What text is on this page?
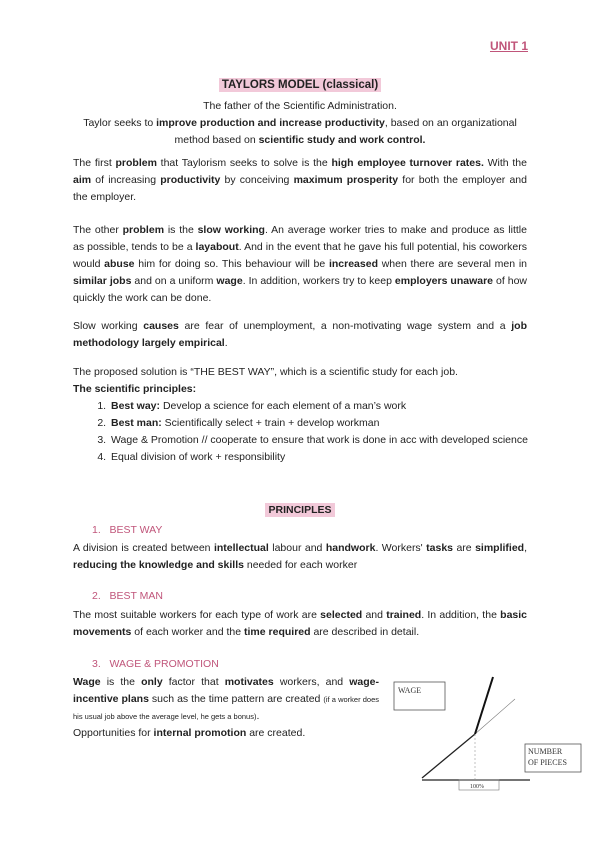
UNIT 1
TAYLORS MODEL (classical)
The father of the Scientific Administration.
Taylor seeks to improve production and increase productivity, based on an organizational method based on scientific study and work control.

The first problem that Taylorism seeks to solve is the high employee turnover rates. With the aim of increasing productivity by conceiving maximum prosperity for both the employer and the employer.

The other problem is the slow working. An average worker tries to make and produce as little as possible, tends to be a layabout. And in the event that he gave his full potential, his coworkers would abuse him for doing so. This behaviour will be increased when there are several men in similar jobs and on a uniform wage. In addition, workers try to keep employers unaware of how quickly the work can be done.

Slow working causes are fear of unemployment, a non-motivating wage system and a job methodology largely empirical.

The proposed solution is “THE BEST WAY”, which is a scientific study for each job.
The scientific principles:

1. Best way: Develop a science for each element of a man’s work
2. Best man: Scientifically select + train + develop workman
3. Wage & Promotion // cooperate to ensure that work is done in acc with developed science
4. Equal division of work + responsibility
PRINCIPLES
1.   BEST WAY

A division is created between intellectual labour and handwork. Workers' tasks are simplified, reducing the knowledge and skills needed for each worker

2.   BEST MAN

The most suitable workers for each type of work are selected and trained. In addition, the basic movements of each worker and the time required are described in detail.

3.   WAGE & PROMOTION

Wage is the only factor that motivates workers, and wage-incentive plans such as the time pattern are created (if a worker does his usual job above the average level, he gets a bonus).
Opportunities for internal promotion are created.

WAGE
NUMBER
OF PIECES
100%
